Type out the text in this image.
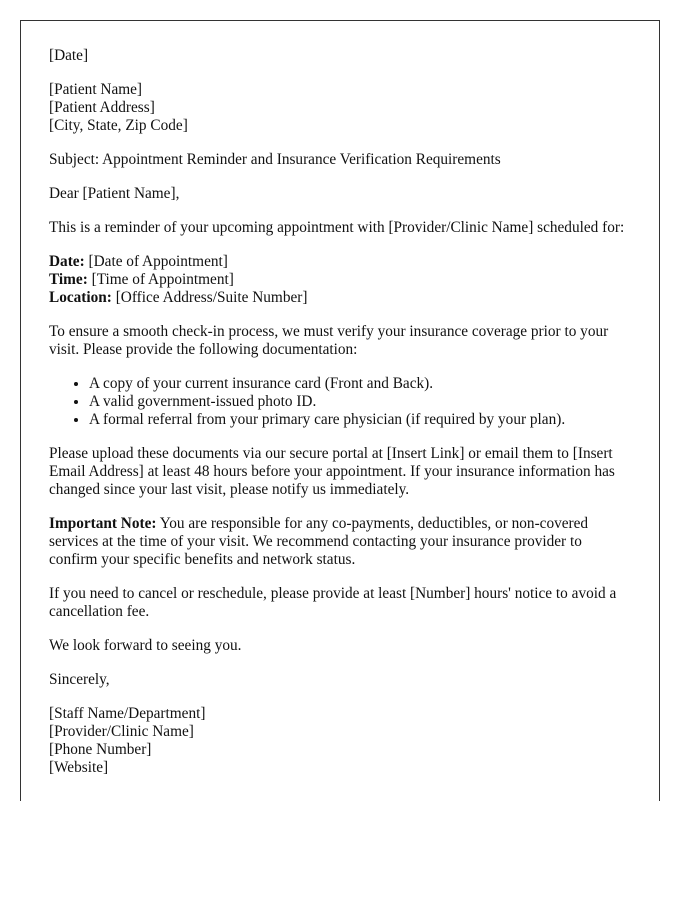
[Date]

[Patient Name]
[Patient Address]
[City, State, Zip Code]

Subject: Appointment Reminder and Insurance Verification Requirements

Dear [Patient Name],

This is a reminder of your upcoming appointment with [Provider/Clinic Name] scheduled for:

Date: [Date of Appointment]
Time: [Time of Appointment]
Location: [Office Address/Suite Number]

To ensure a smooth check-in process, we must verify your insurance coverage prior to your visit. Please provide the following documentation:

• A copy of your current insurance card (Front and Back).
• A valid government-issued photo ID.
• A formal referral from your primary care physician (if required by your plan).

Please upload these documents via our secure portal at [Insert Link] or email them to [Insert Email Address] at least 48 hours before your appointment. If your insurance information has changed since your last visit, please notify us immediately.

Important Note: You are responsible for any co-payments, deductibles, or non-covered services at the time of your visit. We recommend contacting your insurance provider to confirm your specific benefits and network status.

If you need to cancel or reschedule, please provide at least [Number] hours' notice to avoid a cancellation fee.

We look forward to seeing you.

Sincerely,

[Staff Name/Department]
[Provider/Clinic Name]
[Phone Number]
[Website]
